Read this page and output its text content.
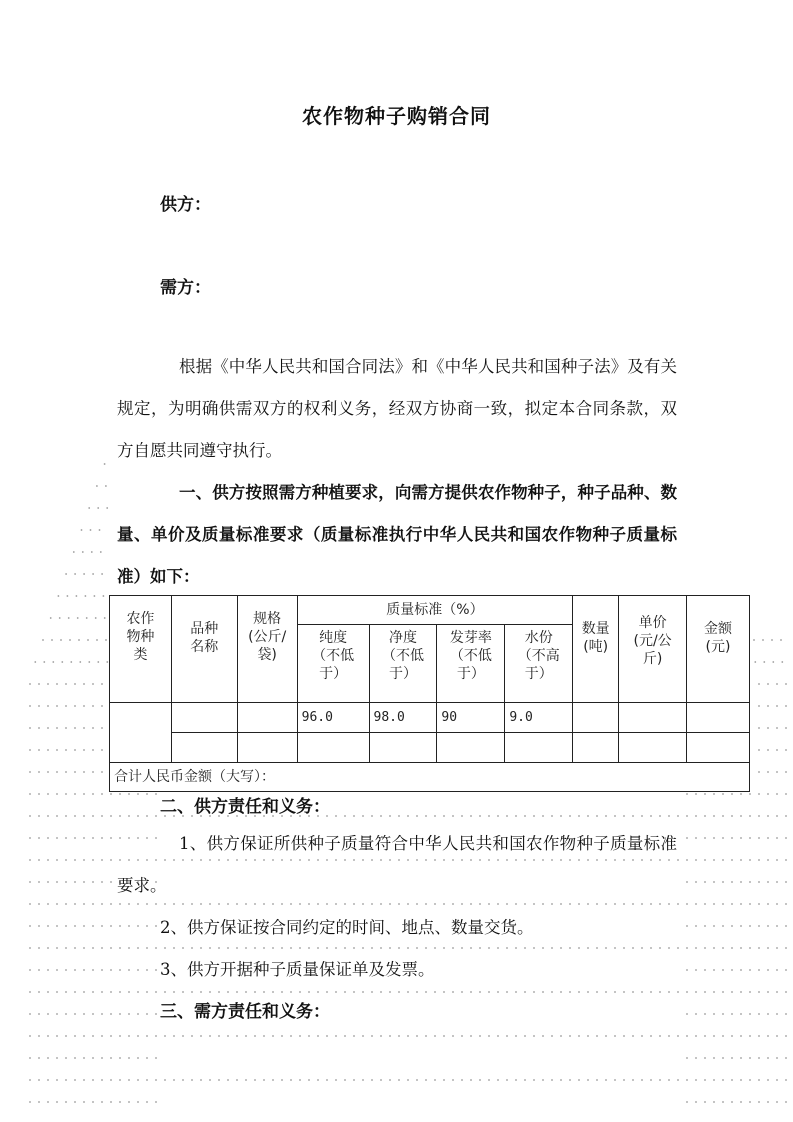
农作物种子购销合同
供方：
需方：
根据《中华人民共和国合同法》和《中华人民共和国种子法》及有关规定，为明确供需双方的权利义务，经双方协商一致，拟定本合同条款，双方自愿共同遵守执行。
一、供方按照需方种植要求，向需方提供农作物种子，种子品种、数量、单价及质量标准要求（质量标准执行中华人民共和国农作物种子质量标准）如下：
农作物种类	品种名称	规格(公斤/袋)	质量标准（%）				数量(吨)	单价(元/公斤)	金额(元)
			纯度（不低于）	净度（不低于）	发芽率（不低于）	水份（不高于）			
			96.0	98.0	90	9.0			

合计人民币金额（大写）：									
二、供方责任和义务：
1、供方保证所供种子质量符合中华人民共和国农作物种子质量标准要求。
2、供方保证按合同约定的时间、地点、数量交货。
3、供方开据种子质量保证单及发票。
三、需方责任和义务：
